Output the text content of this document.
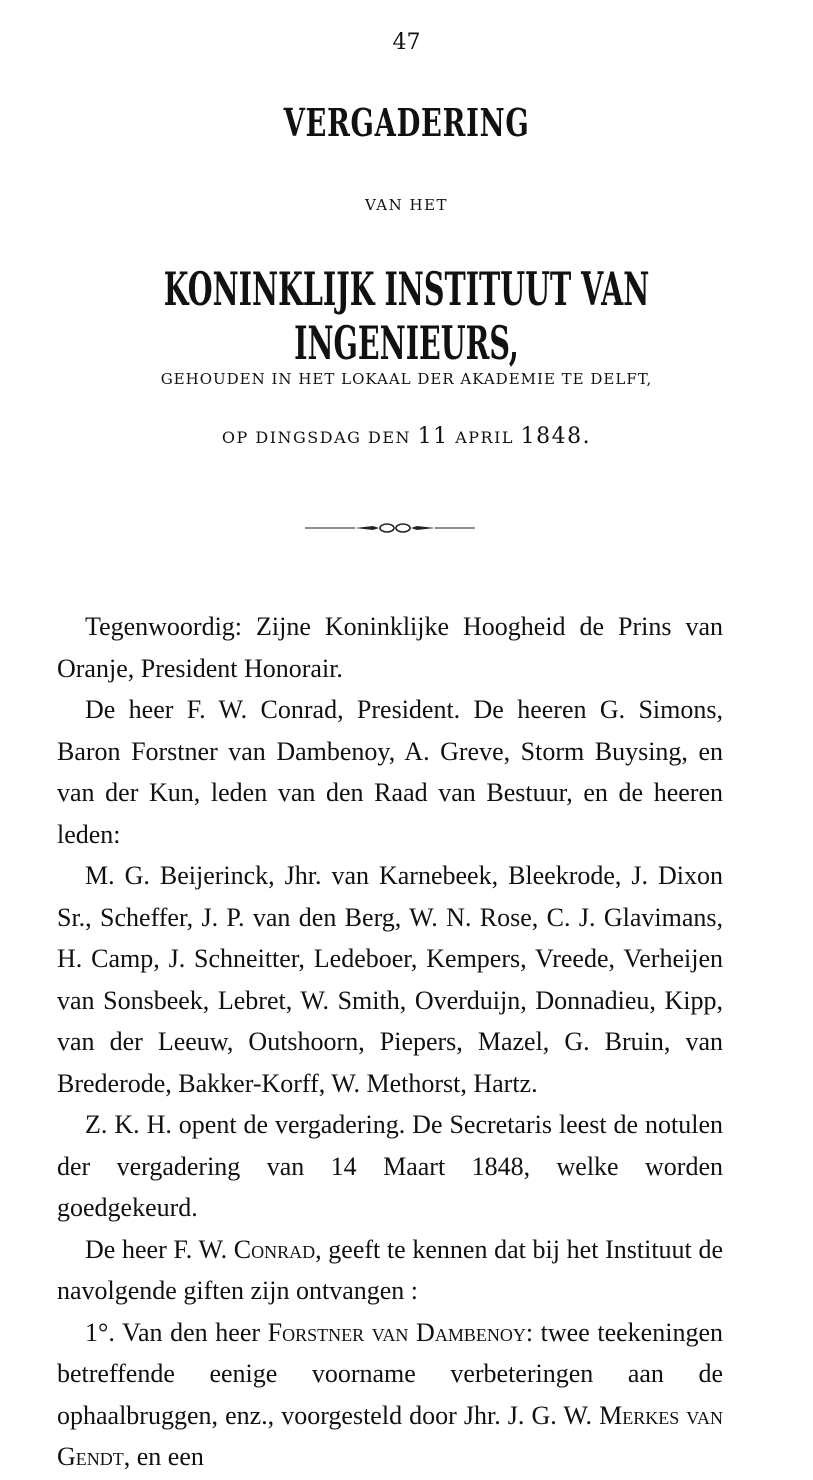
47
VERGADERING
VAN HET
KONINKLIJK INSTITUUT VAN INGENIEURS,
GEHOUDEN IN HET LOKAAL DER AKADEMIE TE DELFT,
OP DINGSDAG DEN 11 APRIL 1848.

Tegenwoordig: Zijne Koninklijke Hoogheid de Prins van Oranje, President Honorair.

De heer F. W. Conrad, President. De heeren G. Simons, Baron Forstner van Dambenoy, A. Greve, Storm Buysing, en van der Kun, leden van den Raad van Bestuur, en de heeren leden:

M. G. Beijerinck, Jhr. van Karnebeek, Bleekrode, J. Dixon Sr., Scheffer, J. P. van den Berg, W. N. Rose, C. J. Glavimans, H. Camp, J. Schneitter, Ledeboer, Kempers, Vreede, Verheijen van Sonsbeek, Lebret, W. Smith, Overduijn, Donnadieu, Kipp, van der Leeuw, Outshoorn, Piepers, Mazel, G. Bruin, van Brederode, Bakker-Korff, W. Methorst, Hartz.

Z. K. H. opent de vergadering. De Secretaris leest de notulen der vergadering van 14 Maart 1848, welke worden goedgekeurd.

De heer F. W. Conrad, geeft te kennen dat bij het Instituut de navolgende giften zijn ontvangen :

1°. Van den heer Forstner van Dambenoy: twee teekeningen betreffende eenige voorname verbeteringen aan de ophaalbruggen, enz., voorgesteld door Jhr. J. G. W. Merkes van Gendt, en een
